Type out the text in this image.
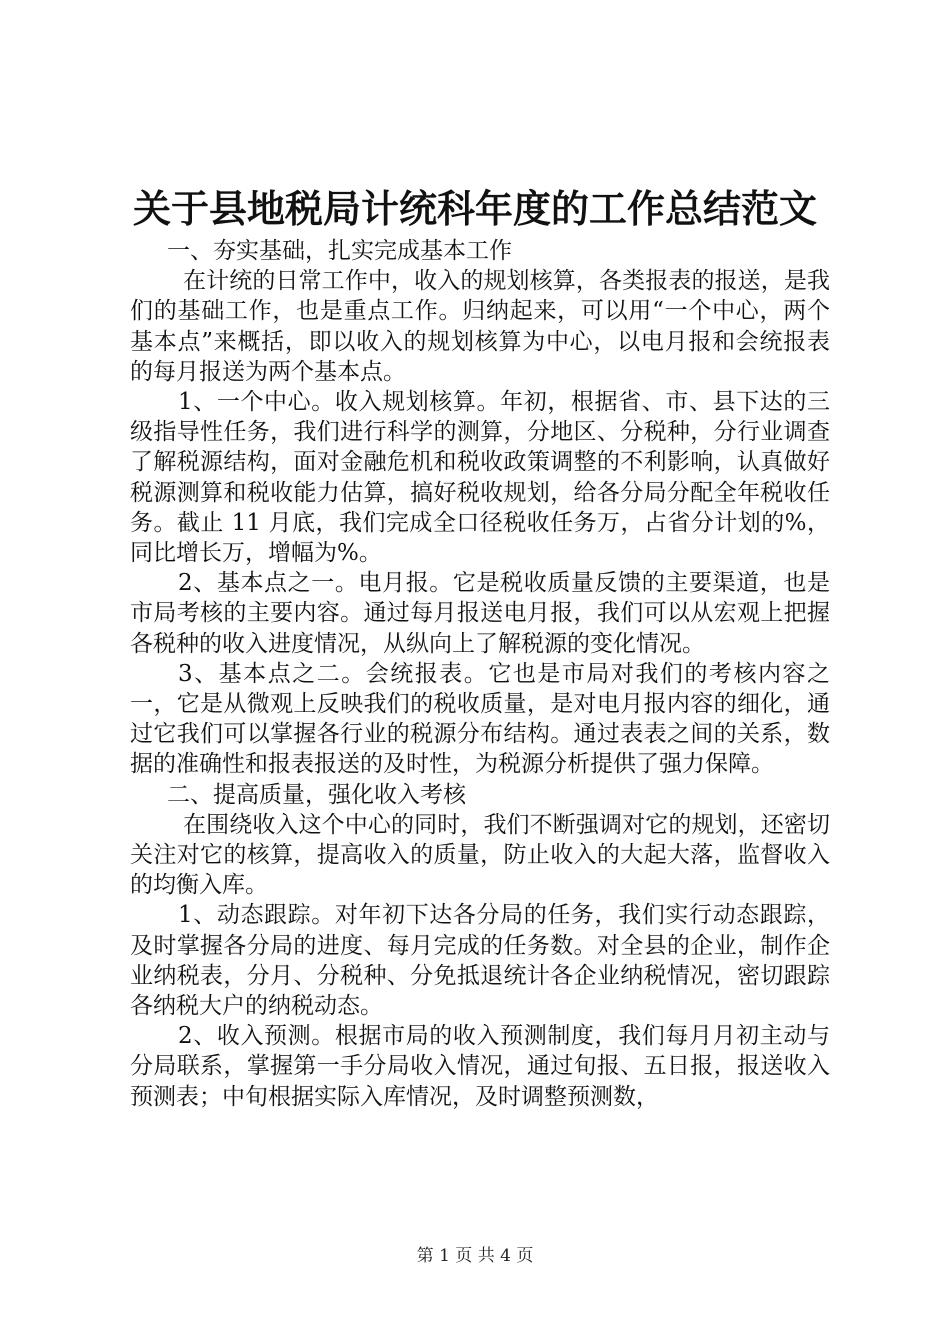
关于县地税局计统科年度的工作总结范文

一、夯实基础，扎实完成基本工作

在计统的日常工作中，收入的规划核算，各类报表的报送，是我们的基础工作，也是重点工作。归纳起来，可以用“一个中心，两个基本点”来概括，即以收入的规划核算为中心，以电月报和会统报表的每月报送为两个基本点。

1、一个中心。收入规划核算。年初，根据省、市、县下达的三级指导性任务，我们进行科学的测算，分地区、分税种，分行业调查了解税源结构，面对金融危机和税收政策调整的不利影响，认真做好税源测算和税收能力估算，搞好税收规划，给各分局分配全年税收任务。截止 11 月底，我们完成全口径税收任务万，占省分计划的%，同比增长万，增幅为%。

2、基本点之一。电月报。它是税收质量反馈的主要渠道，也是市局考核的主要内容。通过每月报送电月报，我们可以从宏观上把握各税种的收入进度情况，从纵向上了解税源的变化情况。

3、基本点之二。会统报表。它也是市局对我们的考核内容之一，它是从微观上反映我们的税收质量，是对电月报内容的细化，通过它我们可以掌握各行业的税源分布结构。通过表表之间的关系，数据的准确性和报表报送的及时性，为税源分析提供了强力保障。

二、提高质量，强化收入考核

在围绕收入这个中心的同时，我们不断强调对它的规划，还密切关注对它的核算，提高收入的质量，防止收入的大起大落，监督收入的均衡入库。

1、动态跟踪。对年初下达各分局的任务，我们实行动态跟踪，及时掌握各分局的进度、每月完成的任务数。对全县的企业，制作企业纳税表，分月、分税种、分免抵退统计各企业纳税情况，密切跟踪各纳税大户的纳税动态。

2、收入预测。根据市局的收入预测制度，我们每月月初主动与分局联系，掌握第一手分局收入情况，通过旬报、五日报，报送收入预测表；中旬根据实际入库情况，及时调整预测数，

第 1 页 共 4 页
